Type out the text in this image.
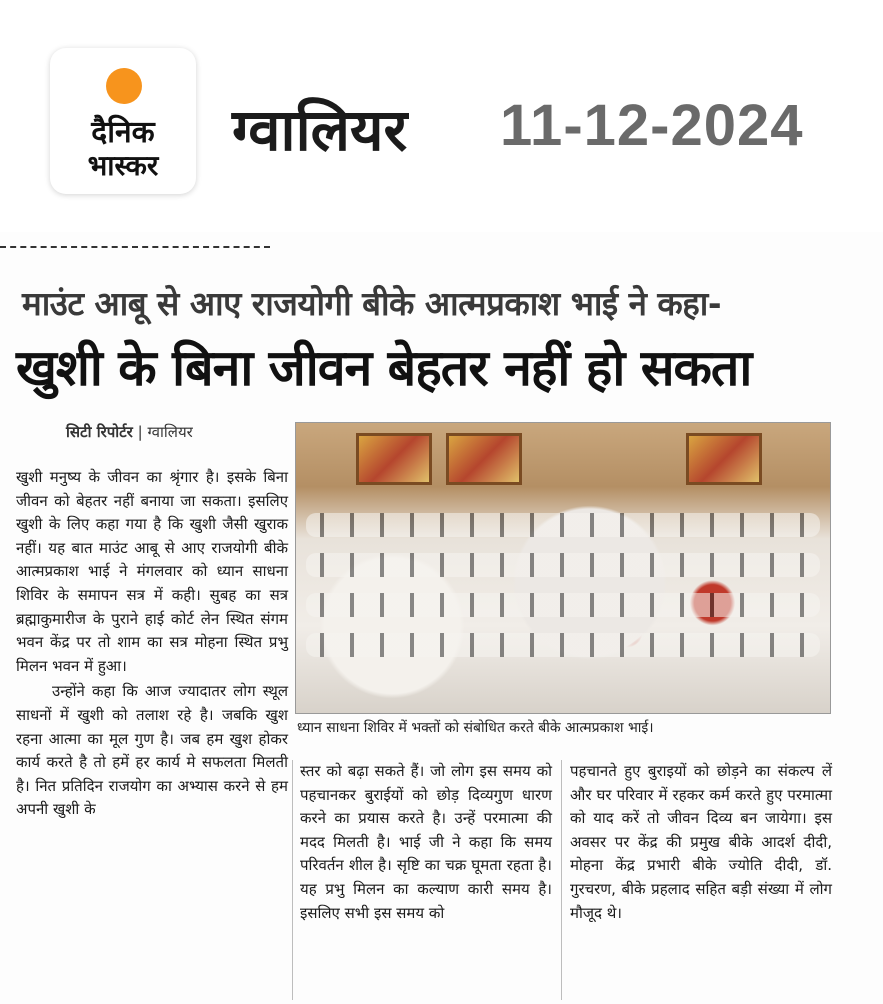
दैनिक
भास्कर
ग्वालियर 11-12-2024
माउंट आबू से आए राजयोगी बीके आत्मप्रकाश भाई ने कहा-
खुशी के बिना जीवन बेहतर नहीं हो सकता
सिटी रिपोर्टर | ग्वालियर
ध्यान साधना शिविर में भक्तों को संबोधित करते बीके आत्मप्रकाश भाई।

खुशी मनुष्य के जीवन का श्रृंगार है। इसके बिना जीवन को बेहतर नहीं बनाया जा सकता। इसलिए खुशी के लिए कहा गया है कि खुशी जैसी खुराक नहीं। यह बात माउंट आबू से आए राजयोगी बीके आत्मप्रकाश भाई ने मंगलवार को ध्यान साधना शिविर के समापन सत्र में कही। सुबह का सत्र ब्रह्माकुमारीज के पुराने हाई कोर्ट लेन स्थित संगम भवन केंद्र पर तो शाम का सत्र मोहना स्थित प्रभु मिलन भवन में हुआ।

उन्होंने कहा कि आज ज्यादातर लोग स्थूल साधनों में खुशी को तलाश रहे है। जबकि खुश रहना आत्मा का मूल गुण है। जब हम खुश होकर कार्य करते है तो हमें हर कार्य मे सफलता मिलती है। नित प्रतिदिन राजयोग का अभ्यास करने से हम अपनी खुशी के

स्तर को बढ़ा सकते हैं। जो लोग इस समय को पहचानकर बुराईयों को छोड़ दिव्यगुण धारण करने का प्रयास करते है। उन्हें परमात्मा की मदद मिलती है। भाई जी ने कहा कि समय परिवर्तन शील है। सृष्टि का चक्र घूमता रहता है। यह प्रभु मिलन का कल्याण कारी समय है। इसलिए सभी इस समय को

पहचानते हुए बुराइयों को छोड़ने का संकल्प लें और घर परिवार में रहकर कर्म करते हुए परमात्मा को याद करें तो जीवन दिव्य बन जायेगा। इस अवसर पर केंद्र की प्रमुख बीके आदर्श दीदी, मोहना केंद्र प्रभारी बीके ज्योति दीदी, डॉ. गुरचरण, बीके प्रहलाद सहित बड़ी संख्या में लोग मौजूद थे।
